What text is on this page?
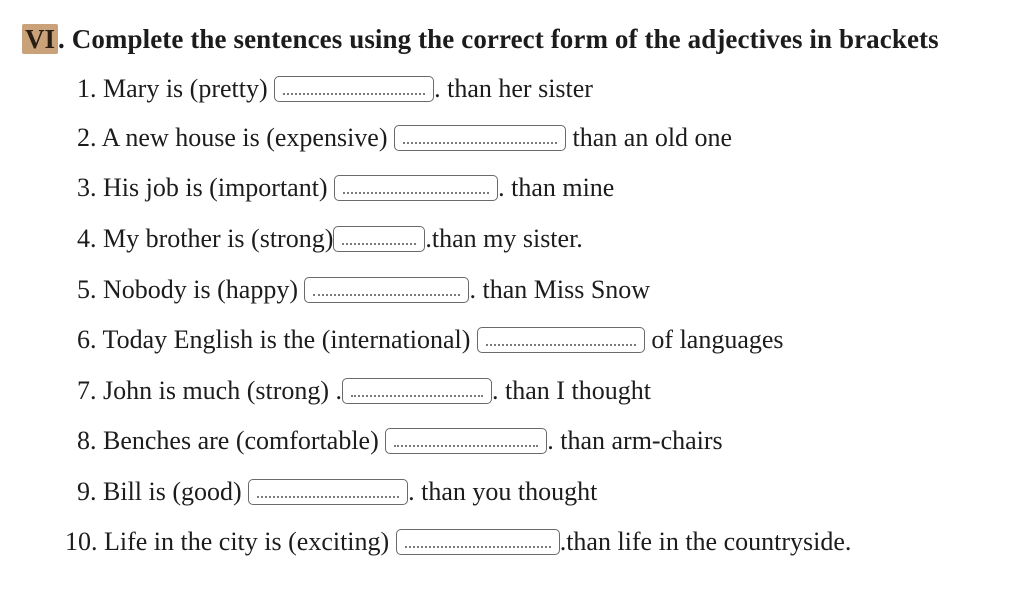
VI . Complete the sentences using the correct form of the adjectives in brackets
1. Mary is (pretty)	. than her sister
2. A new house is (expensive)	than an old one
3. His job is (important)	. than mine
4. My brother is (strong)	.than my sister.
5. Nobody is (happy)	. than Miss Snow
6. Today English is the (international)	of languages
7. John is much (strong) .	. than I thought
8. Benches are (comfortable)	. than arm-chairs
9. Bill is (good)	. than you thought
10. Life in the city is (exciting)	.than life in the countryside.
